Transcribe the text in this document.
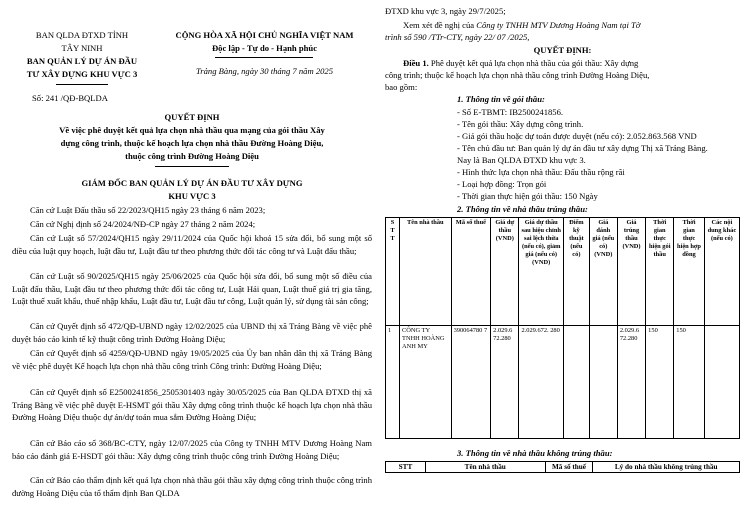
BAN QLDA ĐTXD TỈNH
TÂY NINH
BAN QUẢN LÝ DỰ ÁN ĐẦU
TƯ XÂY DỰNG KHU VỰC 3
Số: 241 /QĐ-BQLDA
CỘNG HÒA XÃ HỘI CHỦ NGHĨA VIỆT NAM
Độc lập - Tự do - Hạnh phúc
Trảng Bàng, ngày 30 tháng 7 năm 2025
QUYẾT ĐỊNH
Về việc phê duyệt kết quả lựa chọn nhà thầu qua mạng của gói thầu Xây
dựng công trình, thuộc kế hoạch lựa chọn nhà thầu Đường Hoàng Diệu,
thuộc công trình Đường Hoàng Diệu
GIÁM ĐỐC BAN QUẢN LÝ DỰ ÁN ĐẦU TƯ XÂY DỰNG
KHU VỰC 3
Căn cứ Luật Đấu thầu số 22/2023/QH15 ngày 23 tháng 6 năm 2023;
Căn cứ Nghị định số 24/2024/NĐ-CP ngày 27 tháng 2 năm 2024;
Căn cứ Luật số 57/2024/QH15 ngày 29/11/2024 của Quốc hội khoá 15 sửa đổi, bổ sung một số điều của luật quy hoạch, luật đầu tư, Luật đầu tư theo phương thức đối tác công tư và Luật đấu thầu;
Căn cứ Luật số 90/2025/QH15 ngày 25/06/2025 của Quốc hội sửa đổi, bổ sung một số điều của Luật đấu thầu, Luật đầu tư theo phương thức đối tác công tư, Luật Hải quan, Luật thuế giá trị gia tăng, Luật thuế xuất khẩu, thuế nhập khẩu, Luật đầu tư, Luật đầu tư công, Luật quản lý, sử dụng tài sản công;
Căn cứ Quyết định số 472/QĐ-UBND ngày 12/02/2025 của UBND thị xã Trảng Bàng về việc phê duyệt báo cáo kinh tế kỹ thuật công trình Đường Hoàng Diệu;
Căn cứ Quyết định số 4259/QĐ-UBND ngày 19/05/2025 của Ủy ban nhân dân thị xã Trảng Bàng về việc phê duyệt Kế hoạch lựa chọn nhà thầu công trình Công trình: Đường Hoàng Diệu;
Căn cứ Quyết định số E2500241856_2505301403 ngày 30/05/2025 của Ban QLDA ĐTXD thị xã Trảng Bàng về việc phê duyệt E-HSMT gói thầu Xây dựng công trình thuộc kế hoạch lựa chọn nhà thầu Đường Hoàng Diệu thuộc dự án/dự toán mua sắm Đường Hoàng Diệu;
Căn cứ Báo cáo số 368/BC-CTY, ngày 12/07/2025 của Công ty TNHH MTV Dương Hoàng Nam báo cáo đánh giá E-HSDT gói thầu: Xây dựng công trình thuộc công trình Đường Hoàng Diệu;
Căn cứ Báo cáo thẩm định kết quả lựa chọn nhà thầu gói thầu xây dựng công trình thuộc công trình đường Hoàng Diệu của tổ thẩm định Ban QLDA
ĐTXD khu vực 3, ngày 29/7/2025;
Xem xét đề nghị của Công ty TNHH MTV Dương Hoàng Nam tại Tờ
trình số 590 /TTr-CTY, ngày 22/ 07 /2025,
QUYẾT ĐỊNH:
Điều 1. Phê duyệt kết quả lựa chọn nhà thầu của gói thầu: Xây dựng
công trình; thuộc kế hoạch lựa chọn nhà thầu công trình Đường Hoàng Diệu,
bao gồm:
1. Thông tin về gói thầu:
- Số E-TBMT: IB2500241856.
- Tên gói thầu: Xây dựng công trình.
- Giá gói thầu hoặc dự toán được duyệt (nếu có): 2.052.863.568 VND
- Tên chủ đầu tư: Ban quản lý dự án đầu tư xây dựng Thị xã Trảng Bàng.
Nay là Ban QLDA ĐTXD khu vực 3.
- Hình thức lựa chọn nhà thầu: Đấu thầu rộng rãi
- Loại hợp đồng: Trọn gói
- Thời gian thực hiện gói thầu: 150 Ngày
2. Thông tin về nhà thầu trúng thầu:
S T T	Tên nhà thầu	Mã số thuế	Giá dự thầu (VND)	Giá dự thầu sau hiệu chỉnh sai lệch thừa (nếu có), giảm giá (nếu có) (VND)	Điểm kỹ thuật (nếu có)	Giá đánh giá (nếu có) (VND)	Giá trúng thầu (VND)	Thời gian thực hiện gói thầu	Thời gian thực hiện hợp đồng	Các nội dung khác (nếu có)
1	CÔNG TY TNHH HOÀNG ANH MY	390064780 7	2.029.6 72.280	2.029.672. 280			2.029.6 72.280	150	150	
3. Thông tin về nhà thầu không trúng thầu:
STT	Tên nhà thầu	Mã số thuế	Lý do nhà thầu không trúng thầu
